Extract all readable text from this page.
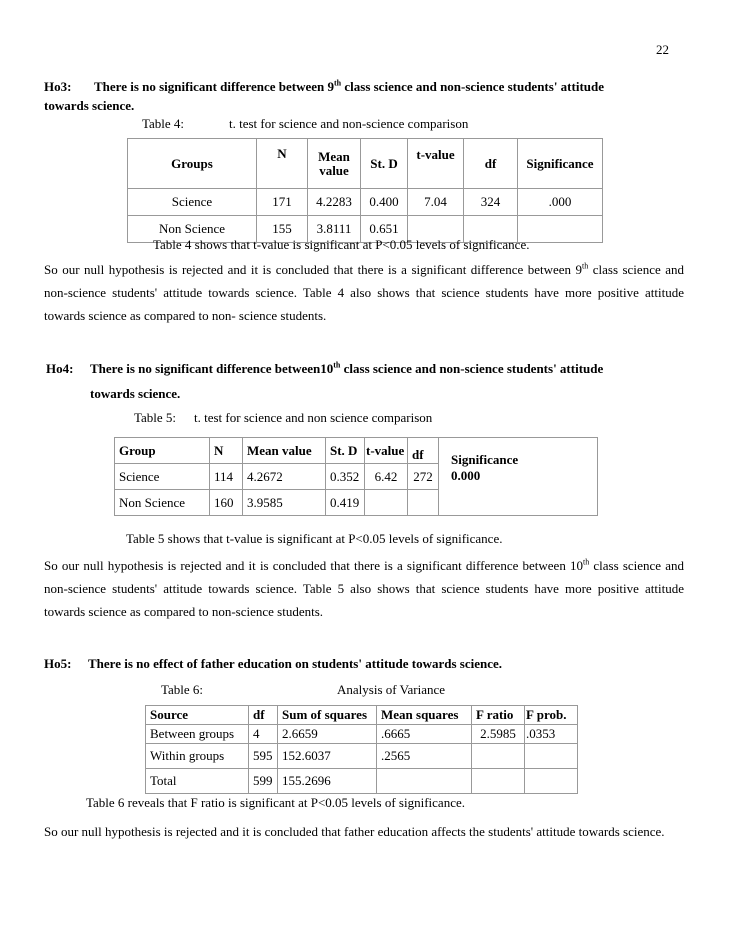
22
Ho3: There is no significant difference between 9th class science and non-science students' attitude
towards science.
Table 4:	t. test for science and non-science comparison
Groups	N	Mean value	St. D	t-value	df	Significance
Science	171	4.2283	0.400	7.04	324	.000
Non Science	155	3.8111	0.651			
Table 4 shows that t-value is significant at P<0.05 levels of significance.
So our null hypothesis is rejected and it is concluded that there is a significant difference between 9th class science and non-science students' attitude towards science. Table 4 also shows that science students have more positive attitude towards science as compared to non- science students.
Ho4: There is no significant difference between10th class science and non-science students' attitude
towards science.
Table 5: t. test for science and non science comparison
Group	N	Mean value	St. D	t-value	df	Significance
0.000

Science	114	4.2672	0.352	6.42	272	
Non Science	160	3.9585	0.419			
Table 5 shows that t-value is significant at P<0.05 levels of significance.
So our null hypothesis is rejected and it is concluded that there is a significant difference between 10th class science and non-science students' attitude towards science. Table 5 also shows that science students have more positive attitude towards science as compared to non-science students.
Ho5: There is no effect of father education on students' attitude towards science.
Table 6:	Analysis of Variance
Source	df	Sum of squares	Mean squares	F ratio	F prob.
Between groups	4	2.6659	.6665	2.5985	.0353
Within groups	595	152.6037	.2565		
Total	599	155.2696			
Table 6 reveals that F ratio is significant at P<0.05 levels of significance.
So our null hypothesis is rejected and it is concluded that father education affects the students' attitude towards science.
